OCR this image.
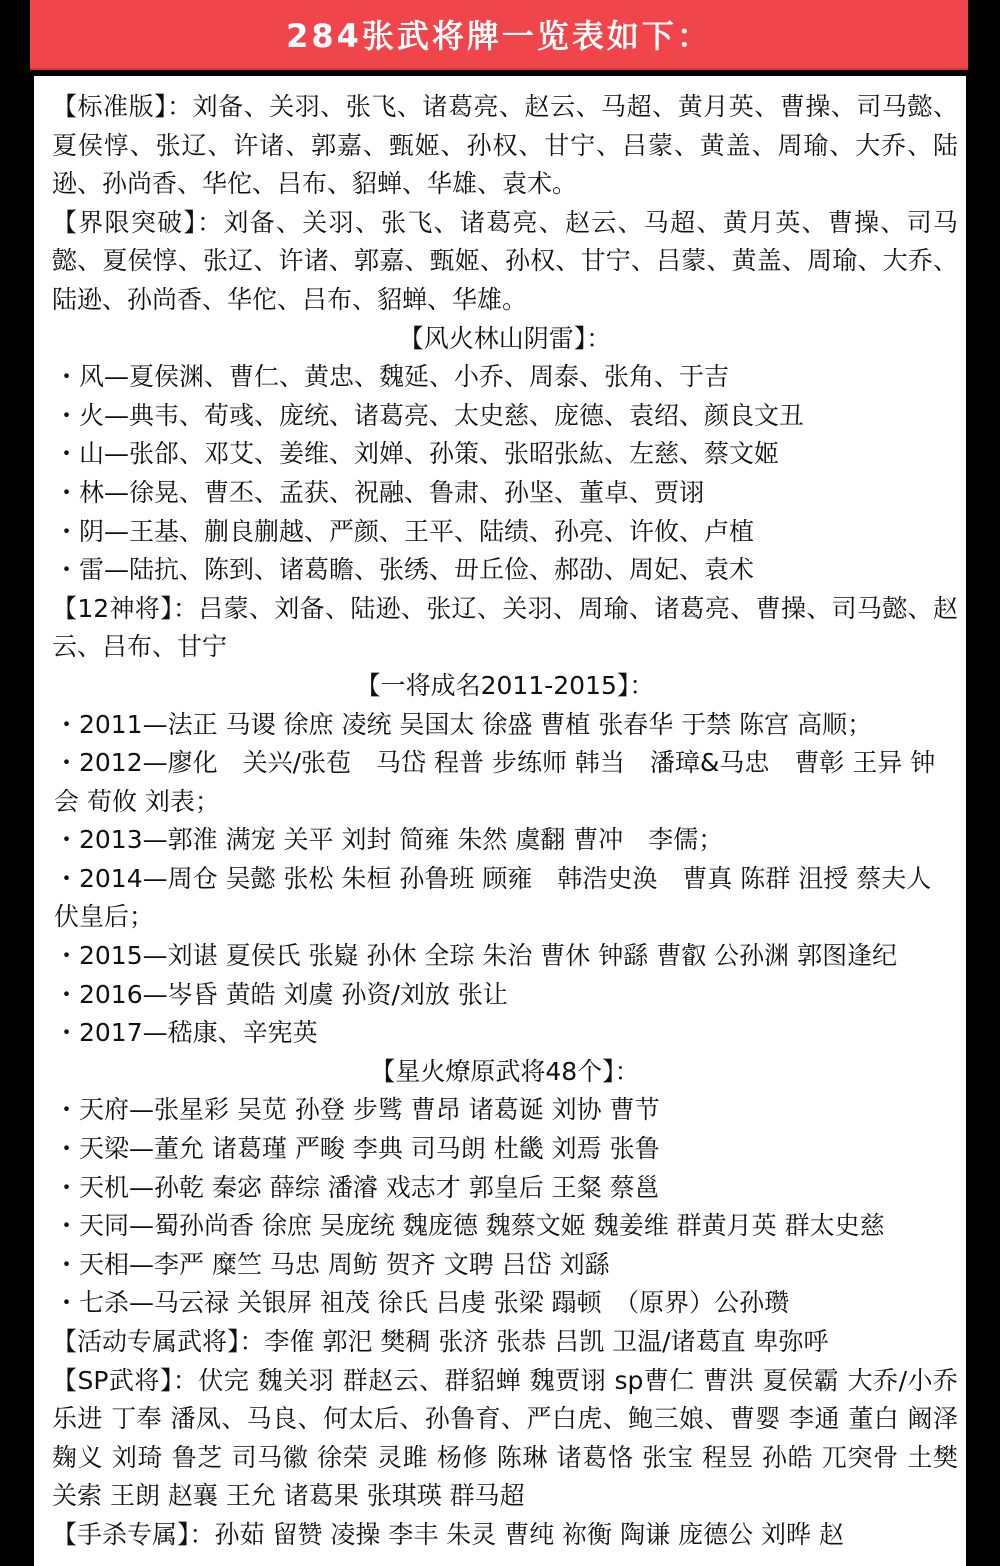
284张武将牌一览表如下：

【标准版】：刘备、关羽、张飞、诸葛亮、赵云、马超、黄月英、曹操、司马懿、夏侯惇、张辽、许诸、郭嘉、甄姬、孙权、甘宁、吕蒙、黄盖、周瑜、大乔、陆逊、孙尚香、华佗、吕布、貂蝉、华雄、袁术。

【界限突破】：刘备、关羽、张飞、诸葛亮、赵云、马超、黄月英、曹操、司马懿、夏侯惇、张辽、许诸、郭嘉、甄姬、孙权、甘宁、吕蒙、黄盖、周瑜、大乔、陆逊、孙尚香、华佗、吕布、貂蝉、华雄。

【风火林山阴雷】：

・风—夏侯渊、曹仁、黄忠、魏延、小乔、周泰、张角、于吉

・火—典韦、荀彧、庞统、诸葛亮、太史慈、庞德、袁绍、颜良文丑

・山—张郃、邓艾、姜维、刘婵、孙策、张昭张紘、左慈、蔡文姬

・林—徐晃、曹丕、孟获、祝融、鲁肃、孙坚、董卓、贾诩

・阴—王基、蒯良蒯越、严颜、王平、陆绩、孙亮、许攸、卢植

・雷—陆抗、陈到、诸葛瞻、张绣、毌丘俭、郝劭、周妃、袁术

【12神将】：吕蒙、刘备、陆逊、张辽、关羽、周瑜、诸葛亮、曹操、司马懿、赵云、吕布、甘宁

【一将成名2011-2015】：

・2011—法正 马谡 徐庶 凌统 吴国太 徐盛 曹植 张春华 于禁 陈宫 高顺；

・2012—廖化　关兴/张苞　马岱 程普 步练师 韩当　潘璋&马忠　曹彰 王异 钟会 荀攸 刘表；

・2013—郭淮 满宠 关平 刘封 简雍 朱然 虞翻 曹冲　李儒；

・2014—周仓 吴懿 张松 朱桓 孙鲁班 顾雍　韩浩史涣　曹真 陈群 沮授 蔡夫人 伏皇后；

・2015—刘谌 夏侯氏 张嶷 孙休 全琮 朱治 曹休 钟繇 曹叡 公孙渊 郭图逢纪

・2016—岑昏 黄皓 刘虞 孙资/刘放 张让

・2017—嵇康、辛宪英

【星火燎原武将48个】：

・天府—张星彩 吴苋 孙登 步骘 曹昂 诸葛诞 刘协 曹节

・天梁—董允 诸葛瑾 严畯 李典 司马朗 杜畿 刘焉 张鲁

・天机—孙乾 秦宓 薛综 潘濬 戏志才 郭皇后 王粲 蔡邕

・天同—蜀孙尚香 徐庶 吴庞统 魏庞德 魏蔡文姬 魏姜维 群黄月英 群太史慈

・天相—李严 糜竺 马忠 周鲂 贺齐 文聘 吕岱 刘繇

・七杀—马云禄 关银屏 祖茂 徐氏 吕虔 张梁 蹋顿　（原界）公孙瓒

【活动专属武将】：李傕 郭汜 樊稠 张济 张恭 吕凯 卫温/诸葛直 卑弥呼

【SP武将】：伏完 魏关羽 群赵云、群貂蝉 魏贾诩 sp曹仁 曹洪 夏侯霸 大乔/小乔 乐进 丁奉 潘凤、马良、何太后、孙鲁育、严白虎、鲍三娘、曹婴 李通 董白 阚泽 麹义 刘琦 鲁芝 司马徽 徐荣 灵雎 杨修 陈琳 诸葛恪 张宝 程昱 孙皓 兀突骨 土樊 关索 王朗 赵襄 王允 诸葛果 张琪瑛 群马超

【手杀专属】：孙茹 留赞 凌操 李丰 朱灵 曹纯 祢衡 陶谦 庞德公 刘晔 赵
